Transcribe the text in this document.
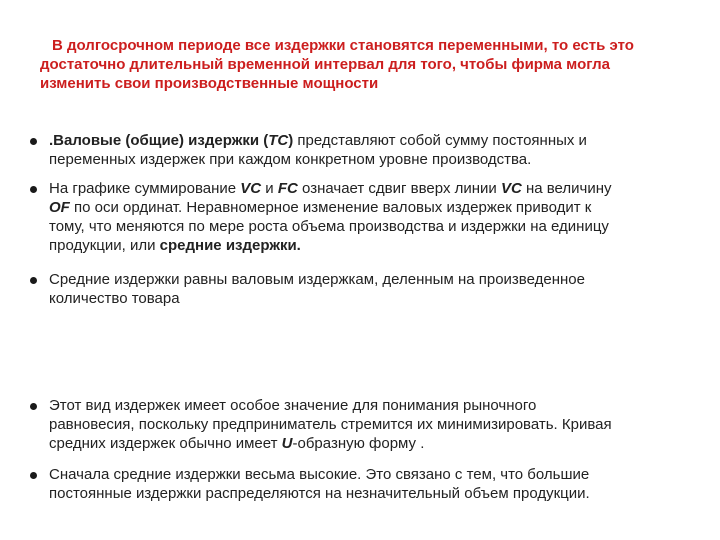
В долгосрочном периоде все издержки становятся переменными, то есть это
достаточно длительный временной интервал для того, чтобы фирма могла
изменить свои производственные мощности
.Валовые (общие) издержки (TC) представляют собой сумму постоянных и
переменных издержек при каждом конкретном уровне производства.
На графике суммирование VC и FC означает сдвиг вверх линии VC на величину
OF по оси ординат. Неравномерное изменение валовых издержек приводит к
тому, что меняются по мере роста объема производства и издержки на единицу
продукции, или средние издержки.
Средние издержки равны валовым издержкам, деленным на произведенное
количество товара
Этот вид издержек имеет особое значение для понимания рыночного
равновесия, поскольку предприниматель стремится их минимизировать. Кривая
средних издержек обычно имеет U-образную форму .
Сначала средние издержки весьма высокие. Это связано с тем, что большие
постоянные издержки распределяются на незначительный объем продукции.
